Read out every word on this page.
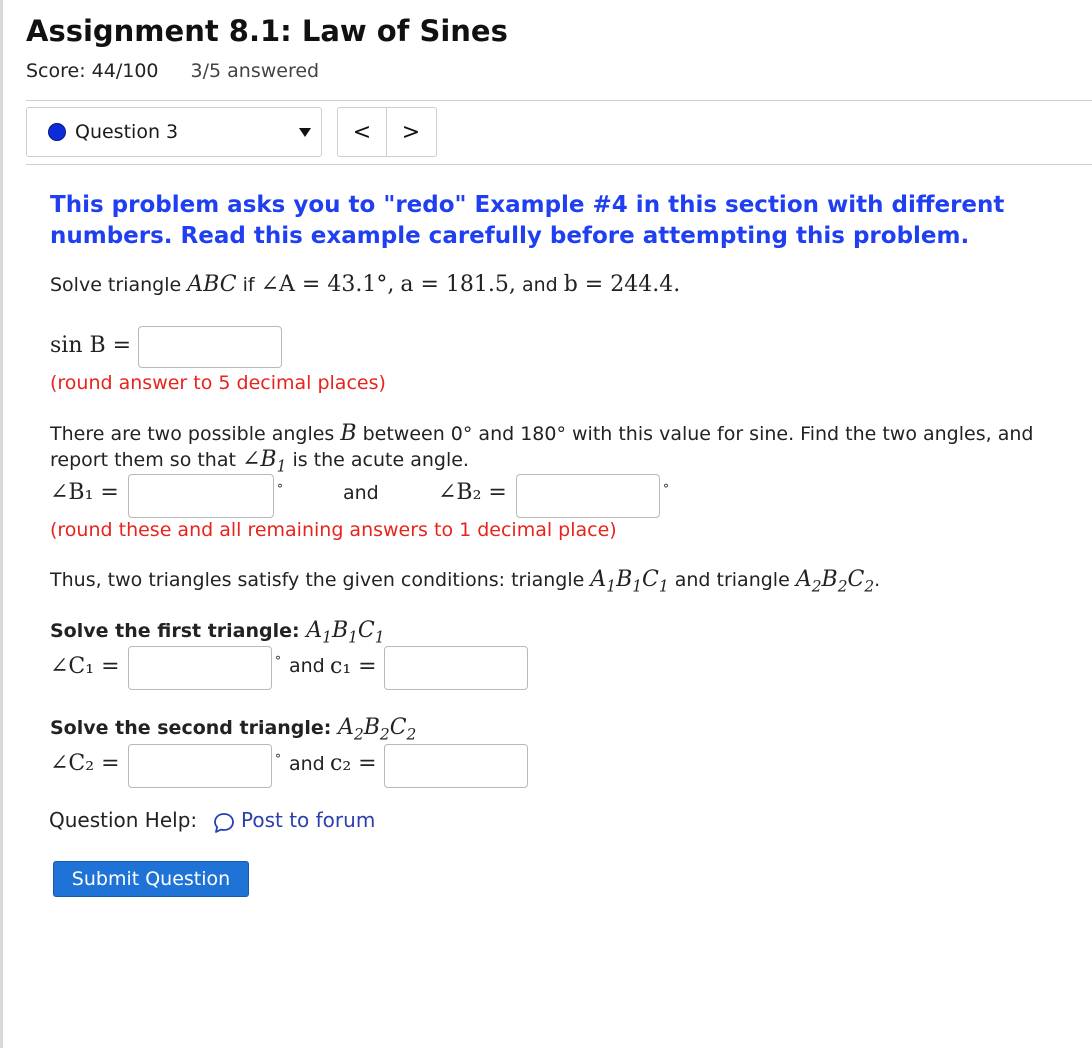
Assignment 8.1: Law of Sines
Score: 44/100 3/5 answered
Question 3	<	>
This problem asks you to "redo" Example #4 in this section with different numbers. Read this example carefully before attempting this problem.
Solve triangle ABC if ∠A = 43.1°, a = 181.5, and b = 244.4.
sin B =
(round answer to 5 decimal places)
There are two possible angles B between 0° and 180° with this value for sine. Find the two angles, and
report them so that $\angle B_1$ is the acute angle.
∠B₁ =	°	and	∠B₂ =	°
(round these and all remaining answers to 1 decimal place)
Thus, two triangles satisfy the given conditions: triangle $A_1B_1C_1$ and triangle $A_2B_2C_2$.
Solve the first triangle: $A_1B_1C_1$
∠C₁ =	° and c₁ =
Solve the second triangle: $A_2B_2C_2$
∠C₂ =	° and c₂ =
Question Help: Post to forum
Submit Question
